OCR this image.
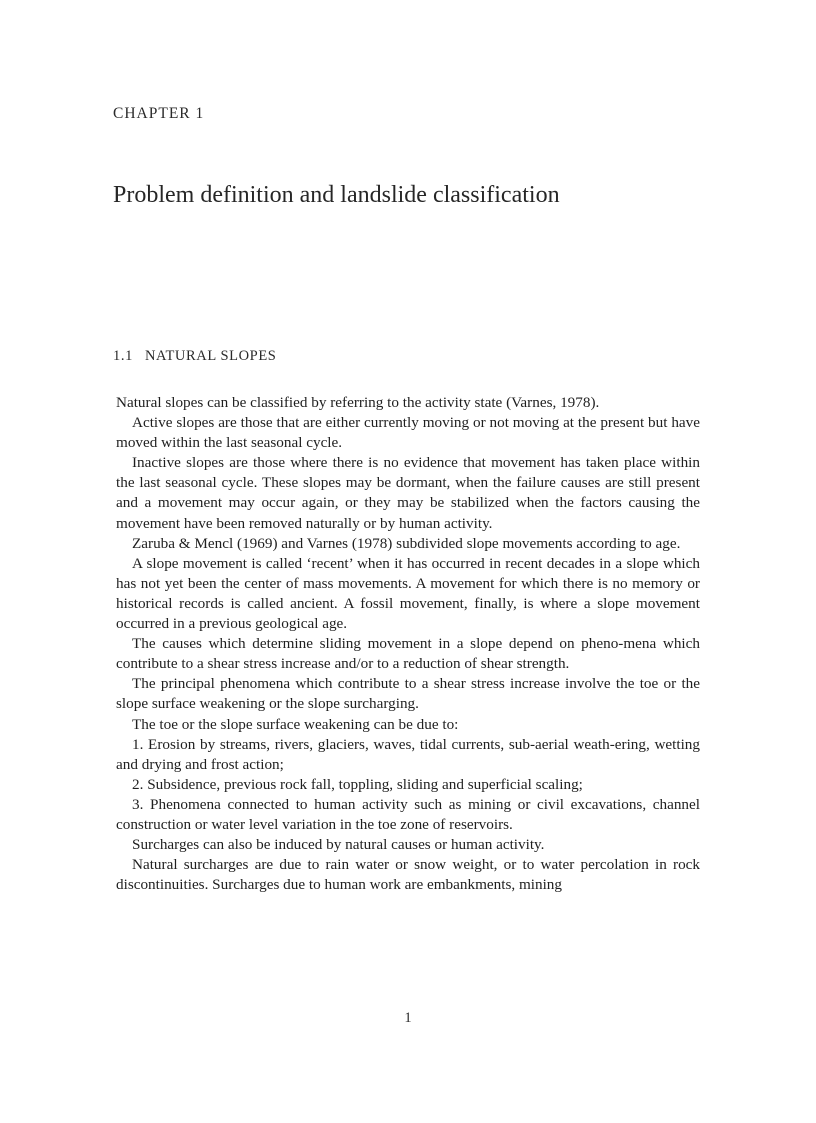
CHAPTER 1
Problem definition and landslide classification
1.1 NATURAL SLOPES

Natural slopes can be classified by referring to the activity state (Varnes, 1978).

Active slopes are those that are either currently moving or not moving at the present but have moved within the last seasonal cycle.

Inactive slopes are those where there is no evidence that movement has taken place within the last seasonal cycle. These slopes may be dormant, when the failure causes are still present and a movement may occur again, or they may be stabilized when the factors causing the movement have been removed naturally or by human activity.

Zaruba & Mencl (1969) and Varnes (1978) subdivided slope movements according to age.

A slope movement is called ‘recent’ when it has occurred in recent decades in a slope which has not yet been the center of mass movements. A movement for which there is no memory or historical records is called ancient. A fossil movement, finally, is where a slope movement occurred in a previous geological age.

The causes which determine sliding movement in a slope depend on pheno-mena which contribute to a shear stress increase and/or to a reduction of shear strength.

The principal phenomena which contribute to a shear stress increase involve the toe or the slope surface weakening or the slope surcharging.

The toe or the slope surface weakening can be due to:

1. Erosion by streams, rivers, glaciers, waves, tidal currents, sub-aerial weath-ering, wetting and drying and frost action;

2. Subsidence, previous rock fall, toppling, sliding and superficial scaling;

3. Phenomena connected to human activity such as mining or civil excavations, channel construction or water level variation in the toe zone of reservoirs.

Surcharges can also be induced by natural causes or human activity.

Natural surcharges are due to rain water or snow weight, or to water percolation in rock discontinuities. Surcharges due to human work are embankments, mining

1
